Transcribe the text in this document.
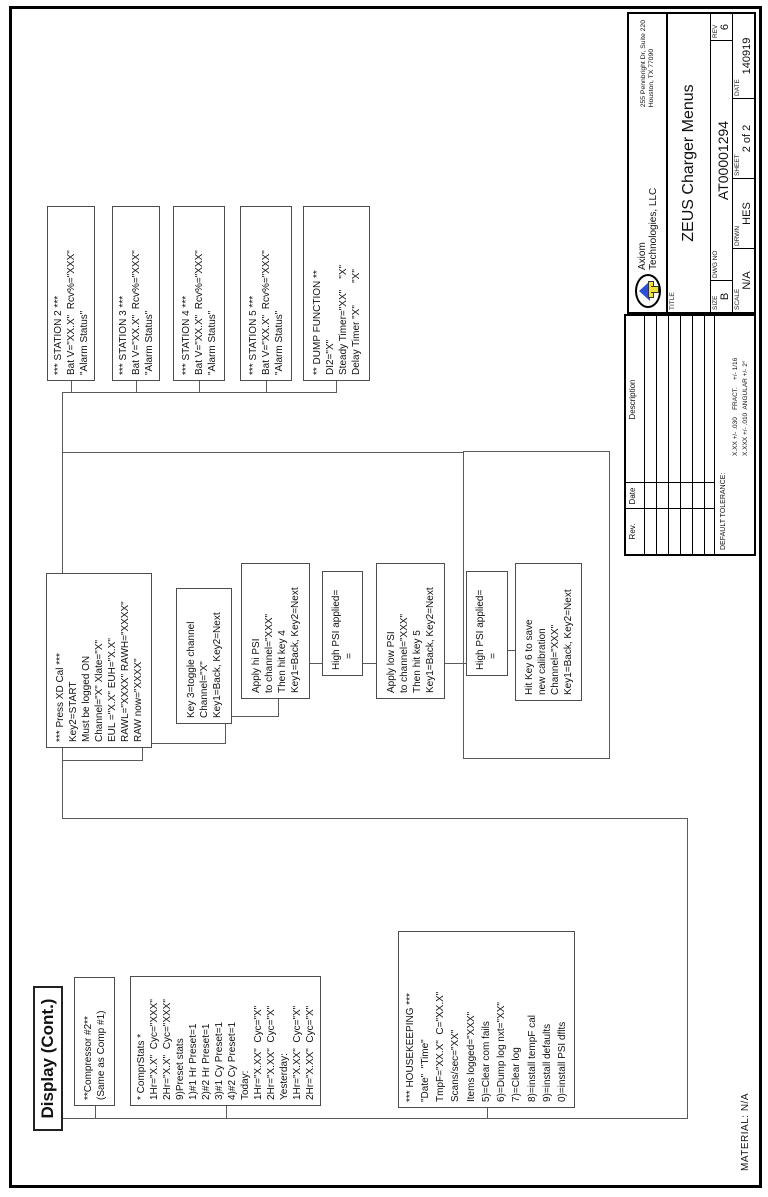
Display (Cont.)	**Compressor #2** (Same as Comp #1)	* ComprStats * 1Hr="X.X"  Cyc="XXX" 2Hr="X.X"  Cyc="XXX" 9)Preset stats 1)#1 Hr Preset=1 2)#2 Hr Preset=1 3)#1 Cy Preset=1 4)#2 Cy Preset=1 Today: 1Hr="X.XX"  Cyc="X" 2Hr="X.XX"  Cyc="X" Yesterday: 1Hr="X.XX"  Cyc="X" 2Hr="X.XX"  Cyc="X"	*** HOUSEKEEPING *** "Date"  "Time" TmpF="XX.X"  C="XX.X" Scans/sec="XX" Items logged="XXX" 5)=Clear com fails 6)=Dump log nxt="XX" 7)=Clear log 8)=install tempF cal 9)=install defaults 0)=install PSI dflts
*** Press XD Cal *** Key2=START Must be logged ON Channel="X" Xlate="X" EUL ="X.X" EUH="X.X" RAWL="XXXX" RAWH="XXXX" RAW now="XXXX"	Key 3=toggle channel Channel="X" Key1=Back, Key2=Next	Apply hi PSI to channel="XXX" Then hit key 4 Key1=Back, Key2=Next	High PSI applied= =	Apply low PSI to channel="XXX" Then hit key 5 Key1=Back, Key2=Next	High PSI applied= = Hit Key 6 to save new calibration Channel="XXX" Key1=Back, Key2=Next
*** STATION 2 *** Bat V="XX.X"  Rcv%="XXX" "Alarm Status"	*** STATION 3 *** Bat V="XX.X"  Rcv%="XXX" "Alarm Status"	*** STATION 4 *** Bat V="XX.X"  Rcv%="XXX" "Alarm Status"	*** STATION 5 *** Bat V="XX.X"  Rcv%="XXX" "Alarm Status"	** DUMP FUNCTION ** DI2="X" Steady Timer="XX"    "X" Delay Timer "X"        "X"
MATERIAL: N/A
Rev.
Date
Description
DEFAULT TOLERANCE:
X.XX +/- .030    FRACT.    +/- 1/16 X.XXX +/- .010  ANGULAR +/- 2°
Axiom Technologies, LLC
255 Pennbright Dr, Suite 220 Houston, TX 77090
TITLE
ZEUS Charger Menus
SIZE B
DWG NO
AT00001294
REV 6
SCALE
N/A
DRWN
HES
SHEET
2 of 2
DATE
140919
